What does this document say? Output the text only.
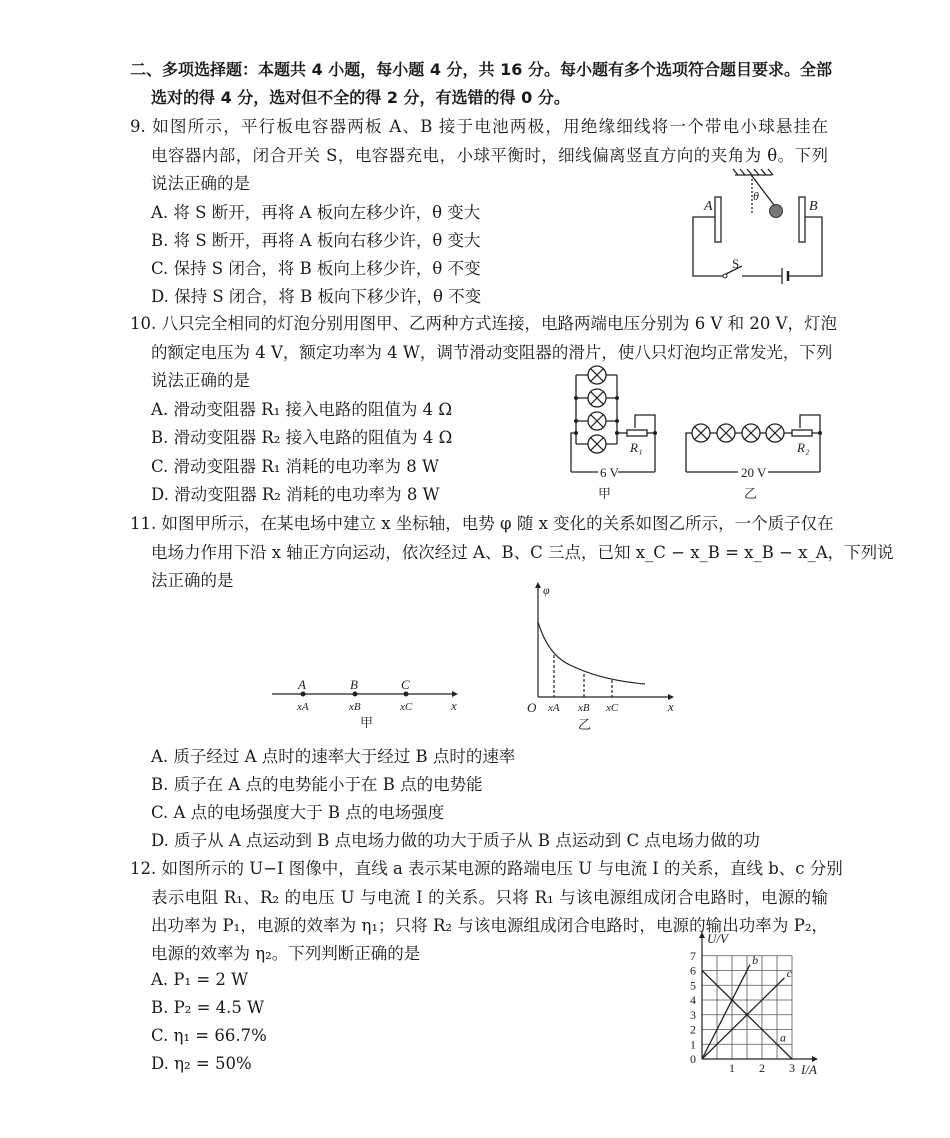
二、多项选择题：本题共 4 小题，每小题 4 分，共 16 分。每小题有多个选项符合题目要求。全部
选对的得 4 分，选对但不全的得 2 分，有选错的得 0 分。
9. 如图所示，平行板电容器两板 A、B 接于电池两极，用绝缘细线将一个带电小球悬挂在
电容器内部，闭合开关 S，电容器充电，小球平衡时，细线偏离竖直方向的夹角为 θ。下列
说法正确的是
A. 将 S 断开，再将 A 板向左移少许，θ 变大
B. 将 S 断开，再将 A 板向右移少许，θ 变大
C. 保持 S 闭合，将 B 板向上移少许，θ 不变
D. 保持 S 闭合，将 B 板向下移少许，θ 不变
A	B
S
θ
10. 八只完全相同的灯泡分别用图甲、乙两种方式连接，电路两端电压分别为 6 V 和 20 V，灯泡
的额定电压为 4 V，额定功率为 4 W，调节滑动变阻器的滑片，使八只灯泡均正常发光，下列
说法正确的是
A. 滑动变阻器 R₁ 接入电路的阻值为 4 Ω
B. 滑动变阻器 R₂ 接入电路的阻值为 4 Ω
C. 滑动变阻器 R₁ 消耗的电功率为 8 W
D. 滑动变阻器 R₂ 消耗的电功率为 8 W
R₁	R₂
6 V	20 V
甲	乙
11. 如图甲所示，在某电场中建立 x 坐标轴，电势 φ 随 x 变化的关系如图乙所示，一个质子仅在
电场力作用下沿 x 轴正方向运动，依次经过 A、B、C 三点，已知 x_C − x_B = x_B − x_A，下列说
法正确的是
A	B	C
xA	xB	xC	x
甲
φ
O xA xB xC	x
乙
A. 质子经过 A 点时的速率大于经过 B 点时的速率
B. 质子在 A 点的电势能小于在 B 点的电势能
C. A 点的电场强度大于 B 点的电场强度
D. 质子从 A 点运动到 B 点电场力做的功大于质子从 B 点运动到 C 点电场力做的功
12. 如图所示的 U−I 图像中，直线 a 表示某电源的路端电压 U 与电流 I 的关系，直线 b、c 分别
表示电阻 R₁、R₂ 的电压 U 与电流 I 的关系。只将 R₁ 与该电源组成闭合电路时，电源的输
出功率为 P₁，电源的效率为 η₁；只将 R₂ 与该电源组成闭合电路时，电源的输出功率为 P₂，
电源的效率为 η₂。下列判断正确的是
A. P₁ = 2 W
B. P₂ = 4.5 W
C. η₁ = 66.7%
D. η₂ = 50%
a
b
c
U/V
I/A
0
1
2
3
4
5
6
7
1 2 3
